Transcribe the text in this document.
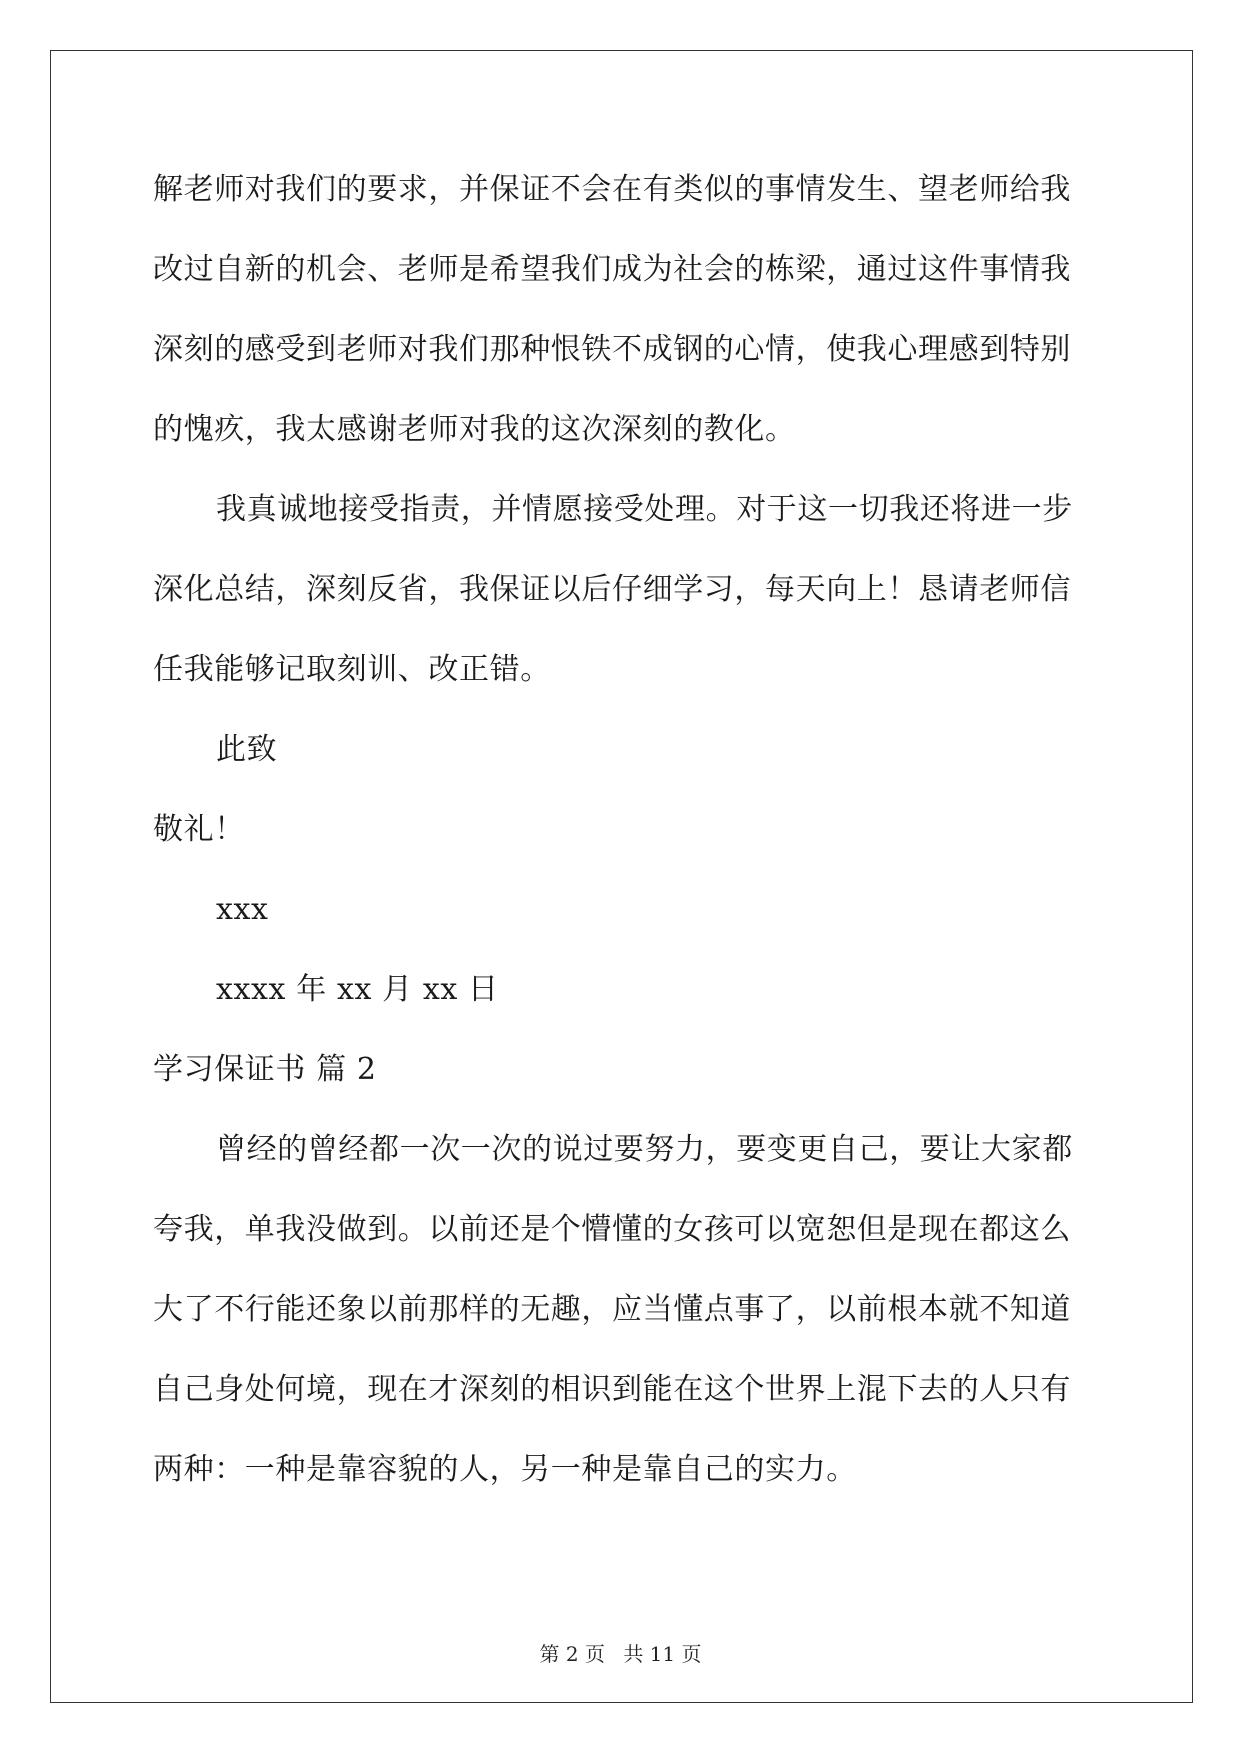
解老师对我们的要求，并保证不会在有类似的事情发生、望老师给我
改过自新的机会、老师是希望我们成为社会的栋梁，通过这件事情我
深刻的感受到老师对我们那种恨铁不成钢的心情，使我心理感到特别
的愧疚，我太感谢老师对我的这次深刻的教化。
我真诚地接受指责，并情愿接受处理。对于这一切我还将进一步
深化总结，深刻反省，我保证以后仔细学习，每天向上！恳请老师信
任我能够记取刻训、改正错。
此致
敬礼！
xxx
xxxx 年 xx 月 xx 日
学习保证书 篇 2
曾经的曾经都一次一次的说过要努力，要变更自己，要让大家都
夸我，单我没做到。以前还是个懵懂的女孩可以宽恕但是现在都这么
大了不行能还象以前那样的无趣，应当懂点事了，以前根本就不知道
自己身处何境，现在才深刻的相识到能在这个世界上混下去的人只有
两种：一种是靠容貌的人，另一种是靠自己的实力。
第 2 页 共 11 页
